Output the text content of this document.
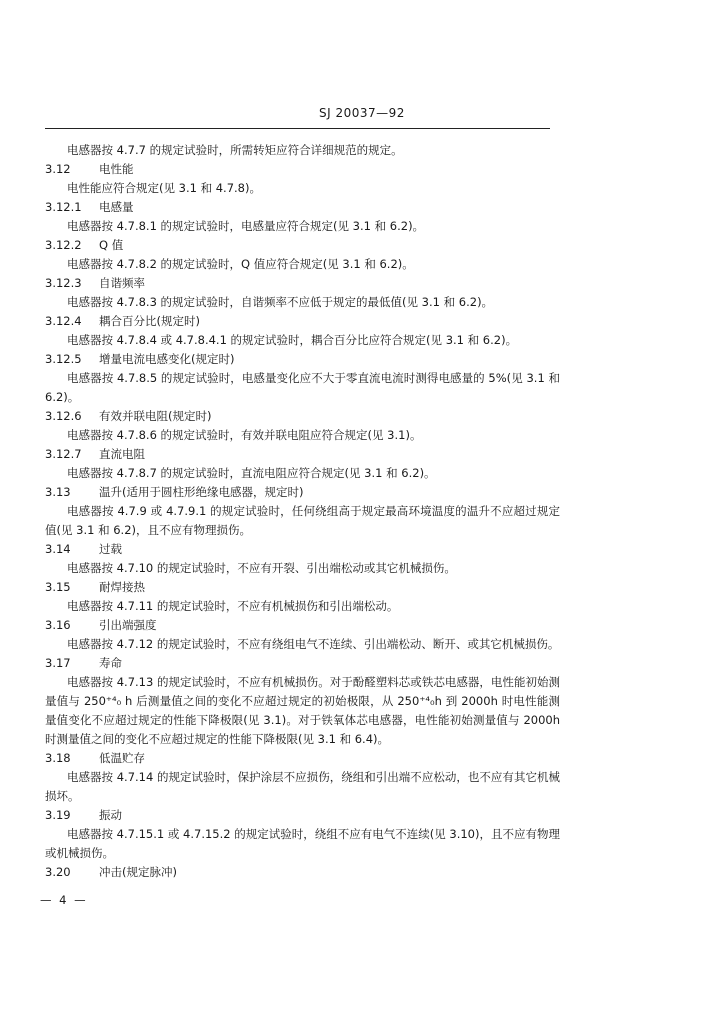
SJ 20037—92
电感器按 4.7.7 的规定试验时，所需转矩应符合详细规范的规定。
3.12 电性能
电性能应符合规定(见 3.1 和 4.7.8)。
3.12.1 电感量
电感器按 4.7.8.1 的规定试验时，电感量应符合规定(见 3.1 和 6.2)。
3.12.2 Q 值
电感器按 4.7.8.2 的规定试验时，Q 值应符合规定(见 3.1 和 6.2)。
3.12.3 自谐频率
电感器按 4.7.8.3 的规定试验时，自谐频率不应低于规定的最低值(见 3.1 和 6.2)。
3.12.4 耦合百分比(规定时)
电感器按 4.7.8.4 或 4.7.8.4.1 的规定试验时，耦合百分比应符合规定(见 3.1 和 6.2)。
3.12.5 增量电流电感变化(规定时)
电感器按 4.7.8.5 的规定试验时，电感量变化应不大于零直流电流时测得电感量的 5%(见 3.1 和 6.2)。
3.12.6 有效并联电阻(规定时)
电感器按 4.7.8.6 的规定试验时，有效并联电阻应符合规定(见 3.1)。
3.12.7 直流电阻
电感器按 4.7.8.7 的规定试验时，直流电阻应符合规定(见 3.1 和 6.2)。
3.13 温升(适用于圆柱形绝缘电感器，规定时)
电感器按 4.7.9 或 4.7.9.1 的规定试验时，任何绕组高于规定最高环境温度的温升不应超过规定值(见 3.1 和 6.2)，且不应有物理损伤。
3.14 过载
电感器按 4.7.10 的规定试验时，不应有开裂、引出端松动或其它机械损伤。
3.15 耐焊接热
电感器按 4.7.11 的规定试验时，不应有机械损伤和引出端松动。
3.16 引出端强度
电感器按 4.7.12 的规定试验时，不应有绕组电气不连续、引出端松动、断开、或其它机械损伤。
3.17 寿命
电感器按 4.7.13 的规定试验时，不应有机械损伤。对于酚醛塑料芯或铁芯电感器，电性能初始测量值与 250⁺⁴₀ h 后测量值之间的变化不应超过规定的初始极限，从 250⁺⁴₀h 到 2000h 时电性能测量值变化不应超过规定的性能下降极限(见 3.1)。对于铁氧体芯电感器，电性能初始测量值与 2000h 时测量值之间的变化不应超过规定的性能下降极限(见 3.1 和 6.4)。
3.18 低温贮存
电感器按 4.7.14 的规定试验时，保护涂层不应损伤，绕组和引出端不应松动，也不应有其它机械损坏。
3.19 振动
电感器按 4.7.15.1 或 4.7.15.2 的规定试验时，绕组不应有电气不连续(见 3.10)，且不应有物理或机械损伤。
3.20 冲击(规定脉冲)
— 4 —
